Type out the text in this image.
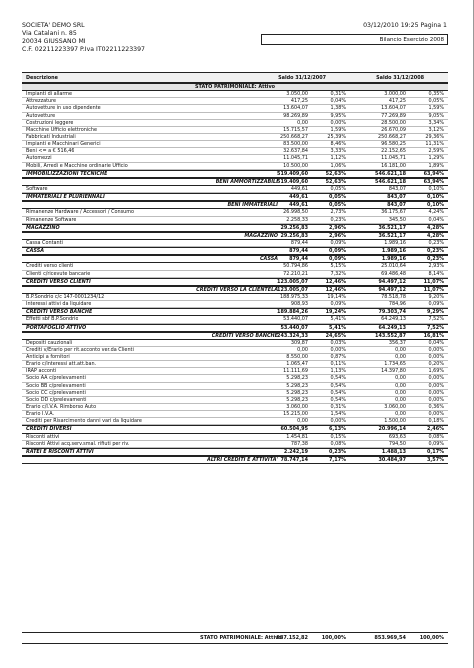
SOCIETA' DEMO SRL
Via Catalani n. 85
20034 GIUSSANO MI
C.F. 02211223397 P.Iva IT02211223397
03/12/2010 19:25 Pagina 1
Bilancio Esercizio 2008
Descrizione	Saldo 31/12/2007	Saldo 31/12/2008
STATO PATRIMONIALE: Attivo
Impianti di allarme	3.050,00	0,31%	3.000,00	0,35%
Attrezzature	417,25	0,04%	417,25	0,05%
Autovetture in uso dipendente	13.604,07	1,38%	13.604,07	1,59%
Autovetture	98.269,89	9,95%	77.269,89	9,05%
Costruzioni leggere	0,00	0,00%	28.500,00	3,34%
Macchine Ufficio elettroniche	15.715,57	1,59%	26.670,09	3,12%
Fabbricati Industriali	250.668,27	25,39%	250.668,27	29,36%
Impianti e Macchinari Generici	83.500,00	8,46%	96.580,25	11,31%
Beni <= a € 516,46	32.637,84	3,33%	22.152,65	2,59%
Automezzi	11.045,71	1,12%	11.045,71	1,29%
Mobili, Arredi e Macchine ordinarie Ufficio	10.500,00	1,06%	16.181,00	1,89%
IMMOBILIZZAZIONI TECNICHE	519.409,60	52,63%	546.621,18	63,94%
BENI AMMORTIZZABILI 519.409,60	52,63%	546.621,18	63,94%
Software	449,61	0,05%	843,07	0,10%
IMMATERIALI E PLURIENNALI	449,61	0,05%	843,07	0,10%
BENI IMMATERIALI 449,61	0,05%	843,07	0,10%
Rimanenze Hardware / Accessori / Consumo	26.998,50	2,73%	36.175,67	4,24%
Rimanenze Software	2.258,33	0,23%	345,50	0,04%
MAGAZZINO	29.256,83	2,96%	36.521,17	4,28%
MAGAZZINO 29.256,83	2,96%	36.521,17	4,28%
Cassa Contanti	879,44	0,09%	1.989,16	0,23%
CASSA	879,44	0,09%	1.989,16	0,23%
CASSA 879,44	0,09%	1.989,16	0,23%
Crediti verso clienti	50.794,86	5,15%	25.010,64	2,93%
Clienti c/ricevute bancarie	72.210,21	7,32%	69.486,48	8,14%
CREDITI VERSO CLIENTI	123.005,07	12,46%	94.497,12	11,07%
CREDITI VERSO LA CLIENTELA 123.005,07	12,46%	94.497,12	11,07%
B.P.Sondrio c/c 147-0001234/12	188.975,33	19,14%	78.518,78	9,20%
Interessi attivi da liquidare	908,93	0,09%	784,96	0,09%
CREDITI VERSO BANCHE	189.884,26	19,24%	79.303,74	9,29%
Effetti sbf B.P.Sondrio	53.440,07	5,41%	64.249,13	7,52%
PORTAFOGLIO ATTIVO	53.440,07	5,41%	64.249,13	7,52%
CREDITI VERSO BANCHE 243.324,33	24,65%	143.552,87	16,81%
Depositi cauzionali	309,87	0,03%	356,37	0,04%
Crediti v/Erario per rit.acconto ver.da Clienti	0,00	0,00%	0,00	0,00%
Anticipi a fornitori	8.550,00	0,87%	0,00	0,00%
Erario c/interessi att.att.ban.	1.065,47	0,11%	1.734,65	0,20%
IRAP acconti	11.111,69	1,13%	14.397,80	1,69%
Socio AA c/prelevamenti	5.298,23	0,54%	0,00	0,00%
Socio BB c/prelevamenti	5.298,23	0,54%	0,00	0,00%
Socio CC c/prelevamenti	5.298,23	0,54%	0,00	0,00%
Socio DD c/prelevamenti	5.298,23	0,54%	0,00	0,00%
Erario c/I.V.A. Rimborso Auto	3.060,00	0,31%	3.060,00	0,36%
Erario I.V.A.	15.215,00	1,54%	0,00	0,00%
Crediti per Risarcimento danni vari da liquidare	0,00	0,00%	1.500,00	0,18%
CREDITI DIVERSI	60.504,95	6,13%	20.996,14	2,46%
Risconti attivi	1.454,81	0,15%	693,63	0,08%
Risconti Attivi acq.serv.smal. rifiuti per riv.	787,38	0,08%	794,50	0,09%
RATEI E RISCONTI ATTIVI	2.242,19	0,23%	1.488,13	0,17%
ALTRI CREDITI E ATTIVITA' 78.747,14	7,17%	30.484,97	3,57%
STATO PATRIMONIALE: Attivo
987.152,82	100,00%	853.969,54	100,00%
